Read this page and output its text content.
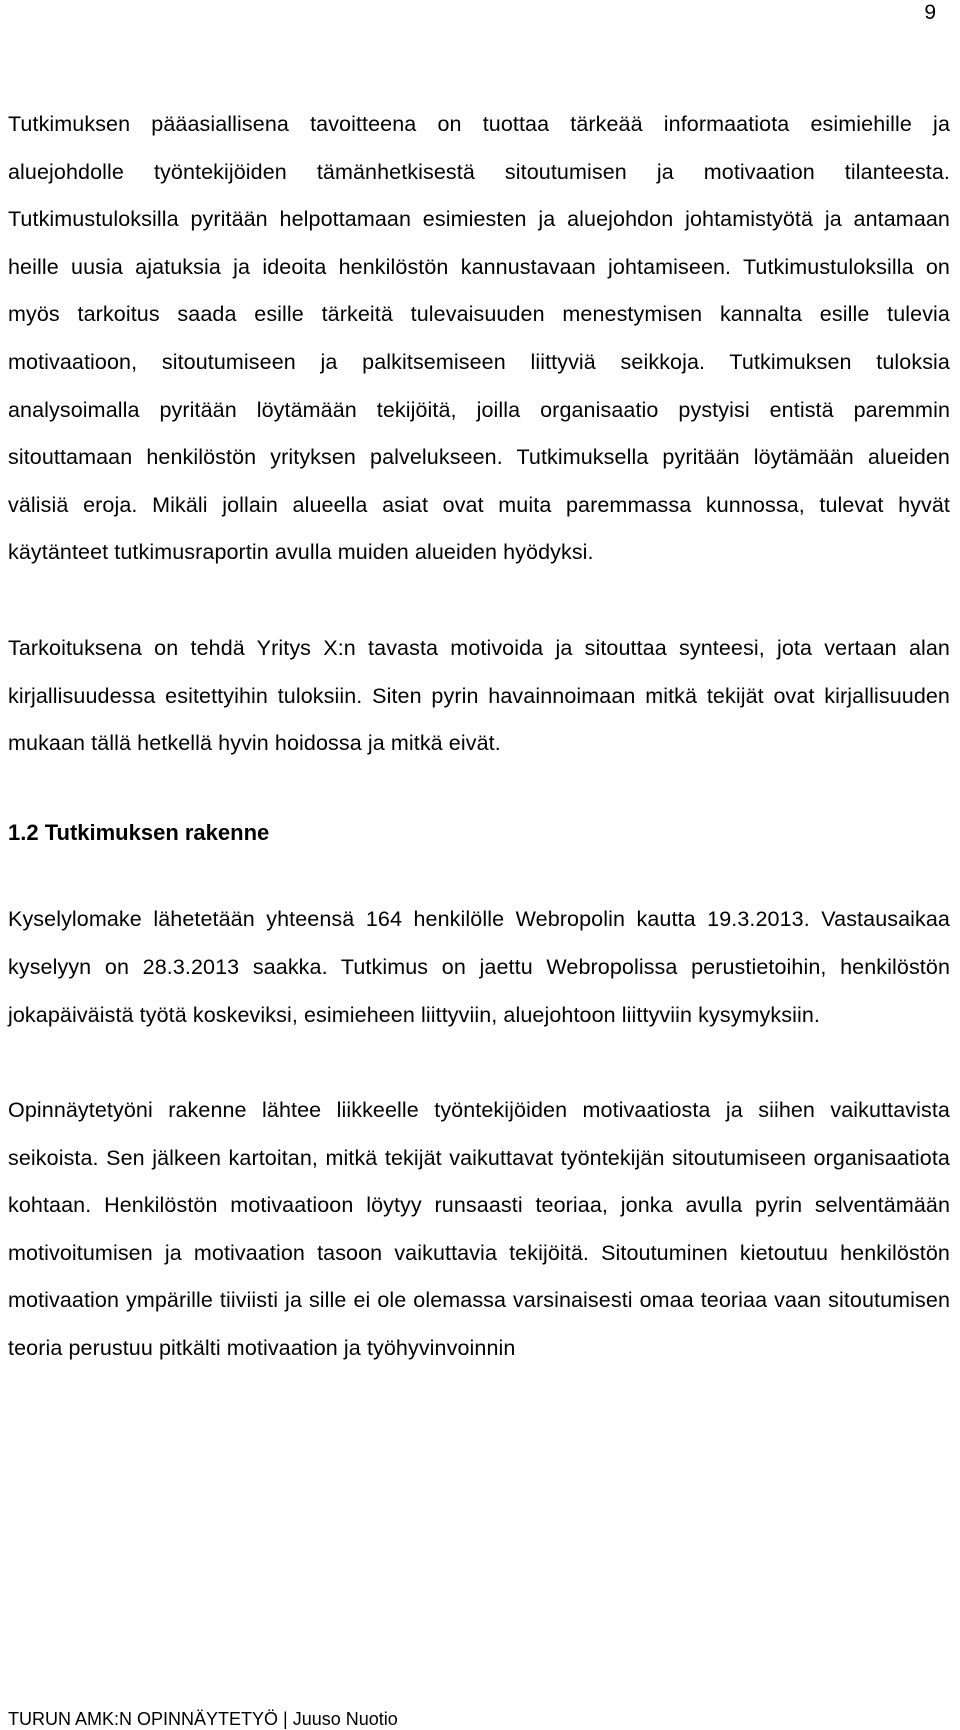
9

Tutkimuksen pääasiallisena tavoitteena on tuottaa tärkeää informaatiota esimiehille ja aluejohdolle työntekijöiden tämänhetkisestä sitoutumisen ja motivaation tilanteesta. Tutkimustuloksilla pyritään helpottamaan esimiesten ja aluejohdon johtamistyötä ja antamaan heille uusia ajatuksia ja ideoita henkilöstön kannustavaan johtamiseen. Tutkimustuloksilla on myös tarkoitus saada esille tärkeitä tulevaisuuden menestymisen kannalta esille tulevia motivaatioon, sitoutumiseen ja palkitsemiseen liittyviä seikkoja. Tutkimuksen tuloksia analysoimalla pyritään löytämään tekijöitä, joilla organisaatio pystyisi entistä paremmin sitouttamaan henkilöstön yrityksen palvelukseen. Tutkimuksella pyritään löytämään alueiden välisiä eroja. Mikäli jollain alueella asiat ovat muita paremmassa kunnossa, tulevat hyvät käytänteet tutkimusraportin avulla muiden alueiden hyödyksi.

Tarkoituksena on tehdä Yritys X:n tavasta motivoida ja sitouttaa synteesi, jota vertaan alan kirjallisuudessa esitettyihin tuloksiin. Siten pyrin havainnoimaan mitkä tekijät ovat kirjallisuuden mukaan tällä hetkellä hyvin hoidossa ja mitkä eivät.

1.2 Tutkimuksen rakenne

Kyselylomake lähetetään yhteensä 164 henkilölle Webropolin kautta 19.3.2013. Vastausaikaa kyselyyn on 28.3.2013 saakka. Tutkimus on jaettu Webropolissa perustietoihin, henkilöstön jokapäiväistä työtä koskeviksi, esimieheen liittyviin, aluejohtoon liittyviin kysymyksiin.

Opinnäytetyöni rakenne lähtee liikkeelle työntekijöiden motivaatiosta ja siihen vaikuttavista seikoista. Sen jälkeen kartoitan, mitkä tekijät vaikuttavat työntekijän sitoutumiseen organisaatiota kohtaan. Henkilöstön motivaatioon löytyy runsaasti teoriaa, jonka avulla pyrin selventämään motivoitumisen ja motivaation tasoon vaikuttavia tekijöitä. Sitoutuminen kietoutuu henkilöstön motivaation ympärille tiiviisti ja sille ei ole olemassa varsinaisesti omaa teoriaa vaan sitoutumisen teoria perustuu pitkälti motivaation ja työhyvinvoinnin

TURUN AMK:N OPINNÄYTETYÖ | Juuso Nuotio
